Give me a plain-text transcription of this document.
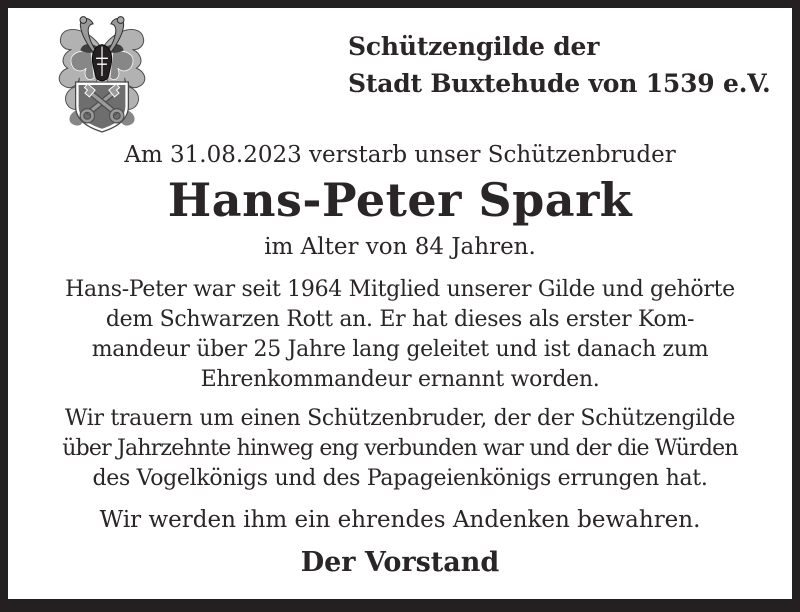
Schützengilde der
Stadt Buxtehude von 1539 e.V.
Am 31.08.2023 verstarb unser Schützenbruder
Hans-Peter Spark
im Alter von 84 Jahren.
Hans-Peter war seit 1964 Mitglied unserer Gilde und gehörte
dem Schwarzen Rott an. Er hat dieses als erster Kom-
mandeur über 25 Jahre lang geleitet und ist danach zum
Ehrenkommandeur ernannt worden.
Wir trauern um einen Schützenbruder, der der Schützengilde
über Jahrzehnte hinweg eng verbunden war und der die Würden
des Vogelkönigs und des Papageienkönigs errungen hat.
Wir werden ihm ein ehrendes Andenken bewahren.
Der Vorstand
